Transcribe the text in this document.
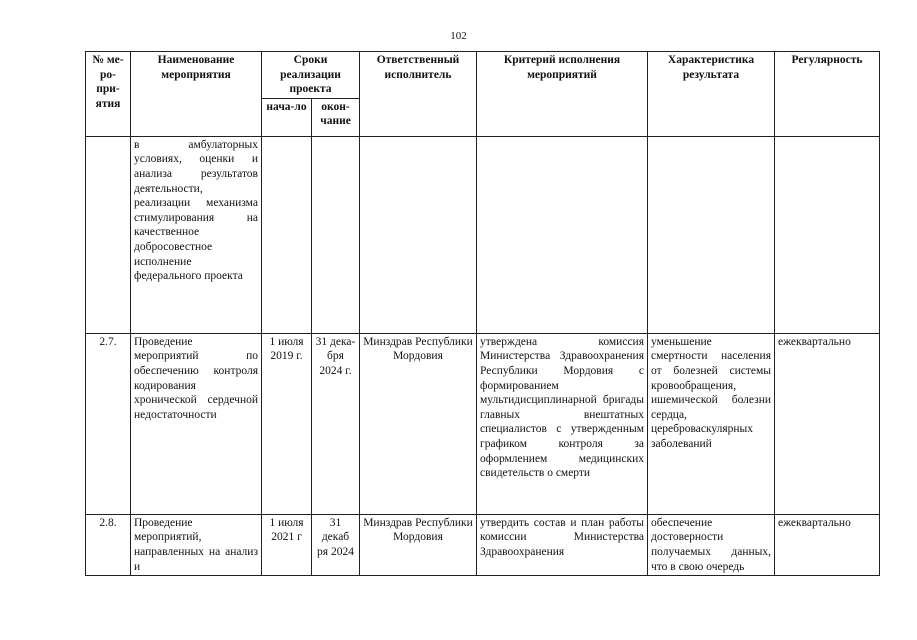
102
№ ме-ро-при-ятия	Наименование мероприятия	Сроки реализации проекта		Ответственный исполнитель	Критерий исполнения мероприятий	Характеристика результата	Регулярность
		нача-ло	окон-чание				
	в амбулаторных условиях, оценки и анализа результатов деятельности, реализации механизма стимулирования на качественное добросовестное исполнение федерального проекта						
2.7.	Проведение мероприятий по обеспечению контроля кодирования хронической сердечной недостаточности	1 июля 2019 г.	31 дека-бря 2024 г.	Минздрав Республики Мордовия	утверждена комиссия Министерства Здравоохранения Республики Мордовия с формированием мультидисциплинарной бригады главных внештатных специалистов с утвержденным графиком контроля за оформлением медицинских свидетельств о смерти	уменьшение смертности населения от болезней системы кровообращения, ишемической болезни сердца, цереброваскулярных заболеваний	ежеквартально
2.8.	Проведение мероприятий, направленных на анализ и	1 июля 2021 г	31 декаб ря 2024	Минздрав Республики Мордовия	утвердить состав и план работы комиссии Министерства Здравоохранения	обеспечение достоверности получаемых данных, что в свою очередь	ежеквартально
